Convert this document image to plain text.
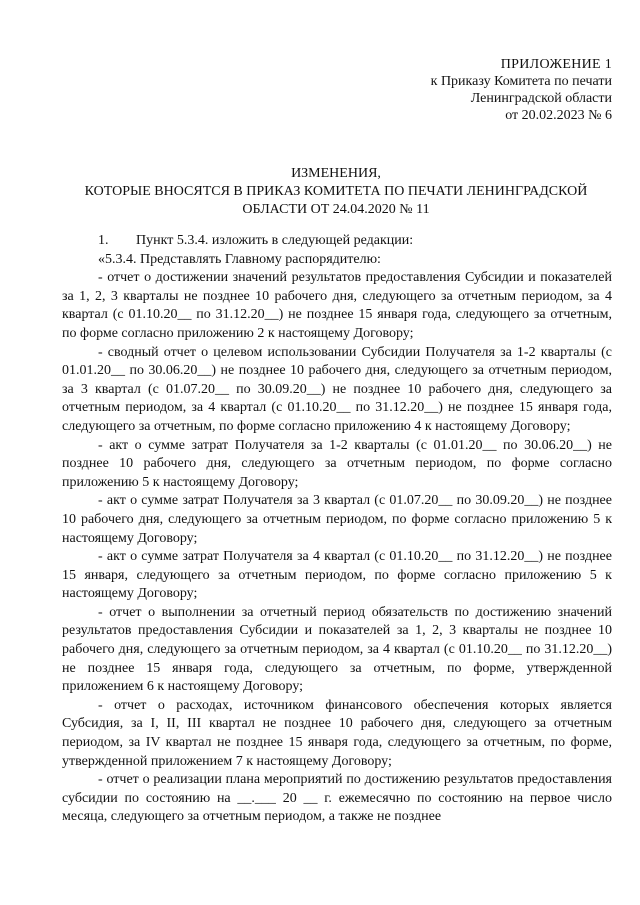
ПРИЛОЖЕНИЕ 1
к Приказу Комитета по печати
Ленинградской области
от 20.02.2023 № 6
ИЗМЕНЕНИЯ,
КОТОРЫЕ ВНОСЯТСЯ В ПРИКАЗ КОМИТЕТА ПО ПЕЧАТИ ЛЕНИНГРАДСКОЙ
ОБЛАСТИ ОТ 24.04.2020 № 11

1. Пункт 5.3.4. изложить в следующей редакции:

«5.3.4. Представлять Главному распорядителю:

- отчет о достижении значений результатов предоставления Субсидии и показателей за 1, 2, 3 кварталы не позднее 10 рабочего дня, следующего за отчетным периодом, за 4 квартал (с 01.10.20__ по 31.12.20__) не позднее 15 января года, следующего за отчетным, по форме согласно приложению 2 к настоящему Договору;

- сводный отчет о целевом использовании Субсидии Получателя за 1-2 кварталы (с 01.01.20__ по 30.06.20__) не позднее 10 рабочего дня, следующего за отчетным периодом, за 3 квартал (с 01.07.20__ по 30.09.20__) не позднее 10 рабочего дня, следующего за отчетным периодом, за 4 квартал (с 01.10.20__ по 31.12.20__) не позднее 15 января года, следующего за отчетным, по форме согласно приложению 4 к настоящему Договору;

- акт о сумме затрат Получателя за 1-2 кварталы (с 01.01.20__ по 30.06.20__) не позднее 10 рабочего дня, следующего за отчетным периодом, по форме согласно приложению 5 к настоящему Договору;

- акт о сумме затрат Получателя за 3 квартал (с 01.07.20__ по 30.09.20__) не позднее 10 рабочего дня, следующего за отчетным периодом, по форме согласно приложению 5 к настоящему Договору;

- акт о сумме затрат Получателя за 4 квартал (с 01.10.20__ по 31.12.20__) не позднее 15 января, следующего за отчетным периодом, по форме согласно приложению 5 к настоящему Договору;

- отчет о выполнении за отчетный период обязательств по достижению значений результатов предоставления Субсидии и показателей за 1, 2, 3 кварталы не позднее 10 рабочего дня, следующего за отчетным периодом, за 4 квартал (с 01.10.20__ по 31.12.20__) не позднее 15 января года, следующего за отчетным, по форме, утвержденной приложением 6 к настоящему Договору;

- отчет о расходах, источником финансового обеспечения которых является Субсидия, за I, II, III квартал не позднее 10 рабочего дня, следующего за отчетным периодом, за IV квартал не позднее 15 января года, следующего за отчетным, по форме, утвержденной приложением 7 к настоящему Договору;

- отчет о реализации плана мероприятий по достижению результатов предоставления субсидии по состоянию на __.___ 20 __ г. ежемесячно по состоянию на первое число месяца, следующего за отчетным периодом, а также не позднее
